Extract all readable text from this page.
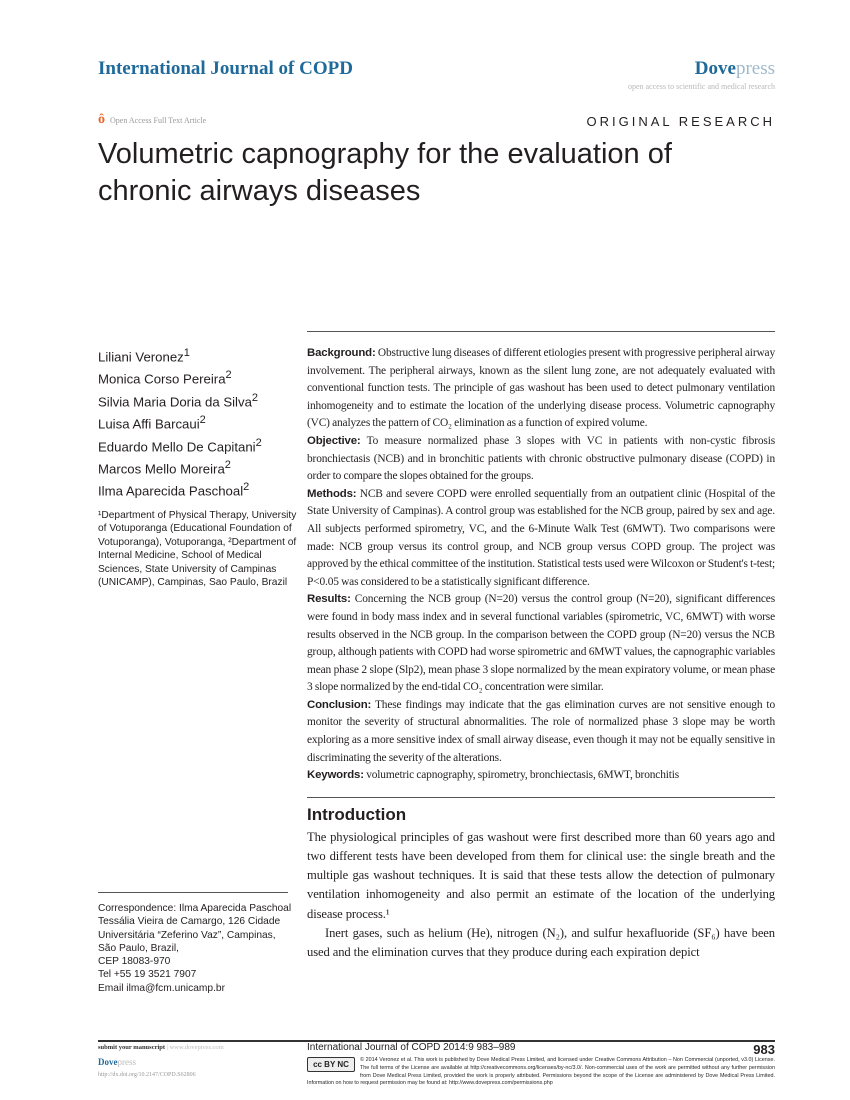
International Journal of COPD	Dovepress
open access to scientific and medical research
ô Open Access Full Text Article	ORIGINAL RESEARCH
Volumetric capnography for the evaluation of chronic airways diseases
Liliani Veronez$^1$
Monica Corso Pereira$^2$
Silvia Maria Doria da Silva$^2$
Luisa Affi Barcaui$^2$
Eduardo Mello De Capitani$^2$
Marcos Mello Moreira$^2$
Ilma Aparecida Paschoal$^2$
¹Department of Physical Therapy, University of Votuporanga (Educational Foundation of Votuporanga), Votuporanga, ²Department of Internal Medicine, School of Medical Sciences, State University of Campinas (UNICAMP), Campinas, Sao Paulo, Brazil

Background: Obstructive lung diseases of different etiologies present with progressive peripheral airway involvement. The peripheral airways, known as the silent lung zone, are not adequately evaluated with conventional function tests. The principle of gas washout has been used to detect pulmonary ventilation inhomogeneity and to estimate the location of the underlying disease process. Volumetric capnography (VC) analyzes the pattern of CO₂ elimination as a function of expired volume.

Objective: To measure normalized phase 3 slopes with VC in patients with non-cystic fibrosis bronchiectasis (NCB) and in bronchitic patients with chronic obstructive pulmonary disease (COPD) in order to compare the slopes obtained for the groups.

Methods: NCB and severe COPD were enrolled sequentially from an outpatient clinic (Hospital of the State University of Campinas). A control group was established for the NCB group, paired by sex and age. All subjects performed spirometry, VC, and the 6-Minute Walk Test (6MWT). Two comparisons were made: NCB group versus its control group, and NCB group versus COPD group. The project was approved by the ethical committee of the institution. Statistical tests used were Wilcoxon or Student's t-test; P<0.05 was considered to be a statistically significant difference.

Results: Concerning the NCB group (N=20) versus the control group (N=20), significant differences were found in body mass index and in several functional variables (spirometric, VC, 6MWT) with worse results observed in the NCB group. In the comparison between the COPD group (N=20) versus the NCB group, although patients with COPD had worse spirometric and 6MWT values, the capnographic variables mean phase 2 slope (Slp2), mean phase 3 slope normalized by the mean expiratory volume, or mean phase 3 slope normalized by the end-tidal CO₂ concentration were similar.

Conclusion: These findings may indicate that the gas elimination curves are not sensitive enough to monitor the severity of structural abnormalities. The role of normalized phase 3 slope may be worth exploring as a more sensitive index of small airway disease, even though it may not be equally sensitive in discriminating the severity of the alterations.

Keywords: volumetric capnography, spirometry, bronchiectasis, 6MWT, bronchitis

Introduction

The physiological principles of gas washout were first described more than 60 years ago and two different tests have been developed from them for clinical use: the single breath and the multiple gas washout techniques. It is said that these tests allow the detection of pulmonary ventilation inhomogeneity and also permit an estimate of the location of the underlying disease process.¹

Inert gases, such as helium (He), nitrogen (N₂), and sulfur hexafluoride (SF₆) have been used and the elimination curves that they produce during each expiration depict

Correspondence: Ilma Aparecida Paschoal
Tessália Vieira de Camargo, 126 Cidade Universitária “Zeferino Vaz”, Campinas, São Paulo, Brazil,
CEP 18083-970
Tel +55 19 3521 7907
Email ilma@fcm.unicamp.br
submit your manuscript | www.dovepress.com
Dovepress
http://dx.doi.org/10.2147/COPD.S62806
International Journal of COPD 2014:9 983–989	983
cc BY NC	© 2014 Veronez et al. This work is published by Dove Medical Press Limited, and licensed under Creative Commons Attribution – Non Commercial (unported, v3.0) License. The full terms of the License are available at http://creativecommons.org/licenses/by-nc/3.0/. Non-commercial uses of the work are permitted without any further permission from Dove Medical Press Limited, provided the work is properly attributed. Permissions beyond the scope of the License are administered by Dove Medical Press Limited. Information on how to request permission may be found at: http://www.dovepress.com/permissions.php
